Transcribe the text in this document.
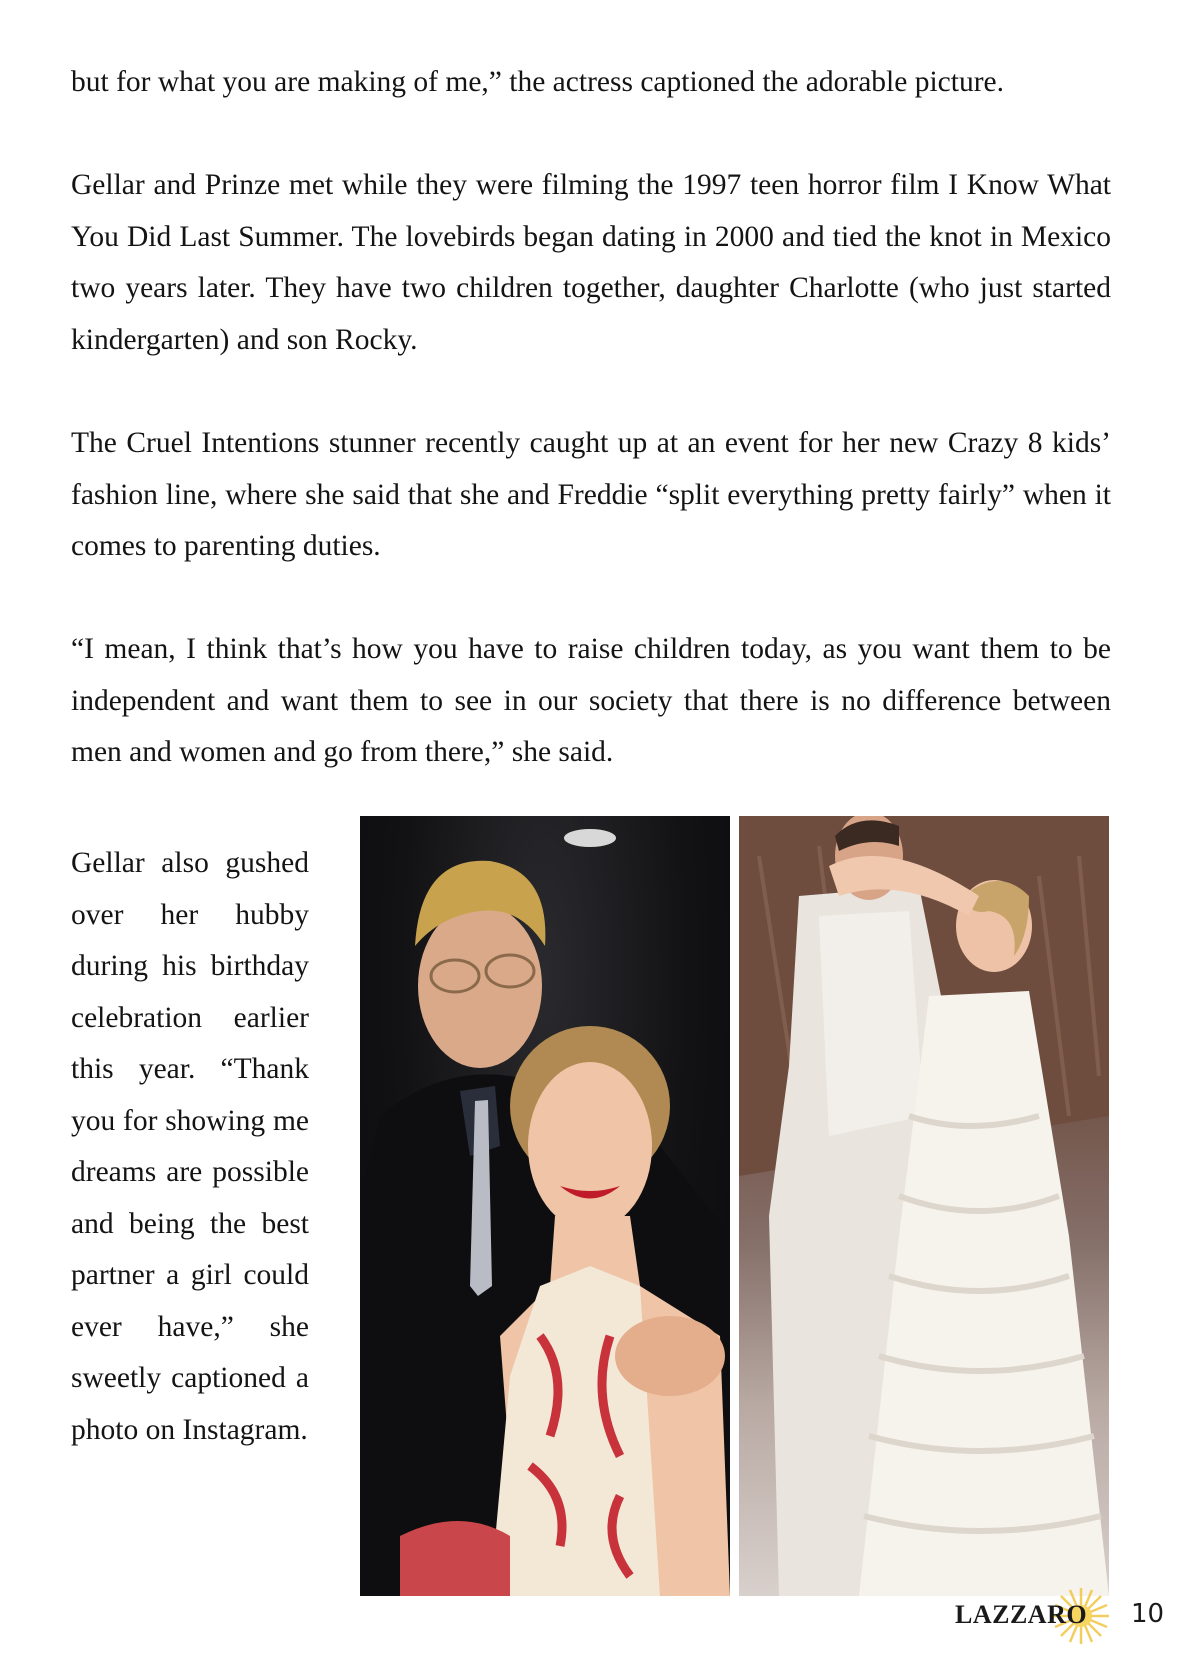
but for what you are making of me,” the actress captioned the adorable picture.

Gellar and Prinze met while they were filming the 1997 teen horror film I Know What You Did Last Summer. The lovebirds began dating in 2000 and tied the knot in Mexico two years later. They have two children together, daughter Charlotte (who just started kindergarten) and son Rocky.

The Cruel Intentions stunner recently caught up at an event for her new Crazy 8 kids’ fashion line, where she said that she and Freddie “split everything pretty fairly” when it comes to parenting duties.

“I mean, I think that’s how you have to raise children today, as you want them to be independent and want them to see in our society that there is no difference between men and women and go from there,” she said.

Gellar also gushed over her hubby during his birthday celebration earlier this year. “Thank you for showing me dreams are possible and being the best partner a girl could ever have,” she sweetly captioned a photo on Instagram.

LAZZARO 10
